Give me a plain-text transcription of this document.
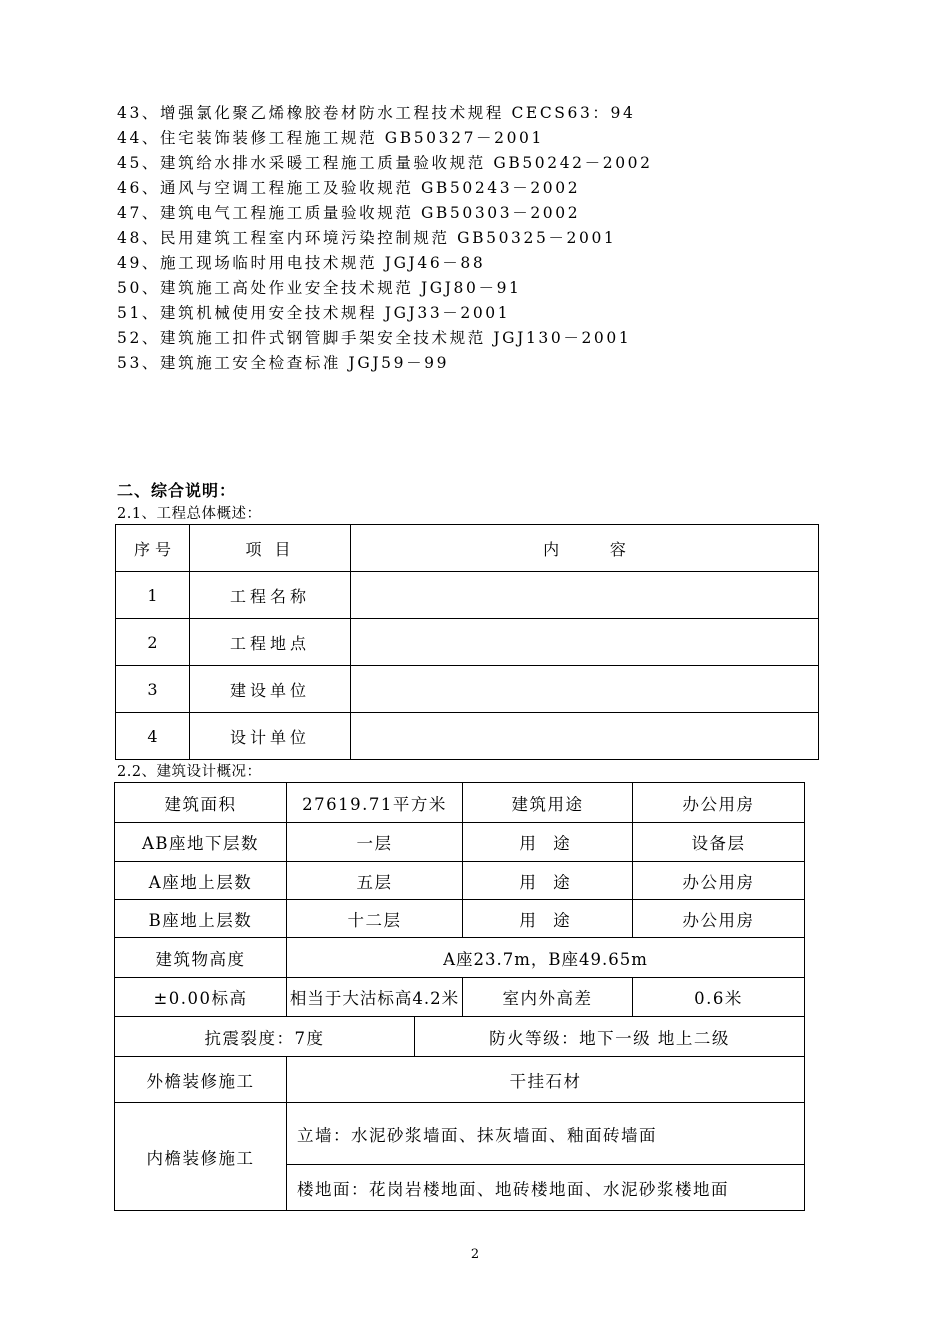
43、增强氯化聚乙烯橡胶卷材防水工程技术规程 CECS63：94
44、住宅装饰装修工程施工规范 GB50327－2001
45、建筑给水排水采暖工程施工质量验收规范 GB50242－2002
46、通风与空调工程施工及验收规范 GB50243－2002
47、建筑电气工程施工质量验收规范 GB50303－2002
48、民用建筑工程室内环境污染控制规范 GB50325－2001
49、施工现场临时用电技术规范 JGJ46－88
50、建筑施工高处作业安全技术规范 JGJ80－91
51、建筑机械使用安全技术规程 JGJ33－2001
52、建筑施工扣件式钢管脚手架安全技术规范 JGJ130－2001
53、建筑施工安全检查标准 JGJ59－99
二、综合说明：
2.1、工程总体概述：
序 号	项 目	内          容
1	工程名称	
2	工程地点	
3	建设单位	
4	设计单位	
2.2、建筑设计概况：
建筑面积	27619.71平方米		建筑用途	办公用房
AB座地下层数	一层		用 途	设备层
A座地上层数	五层		用 途	办公用房
B座地上层数	十二层		用 途	办公用房
建筑物高度	A座23.7m，B座49.65m			
±0.00标高	相当于大沽标高4.2米		室内外高差	0.6米
抗震裂度：7度		防火等级：地下一级 地上二级		
外檐装修施工	干挂石材			
内檐装修施工	立墙：水泥砂浆墙面、抹灰墙面、釉面砖墙面			
	楼地面：花岗岩楼地面、地砖楼地面、水泥砂浆楼地面			
2
